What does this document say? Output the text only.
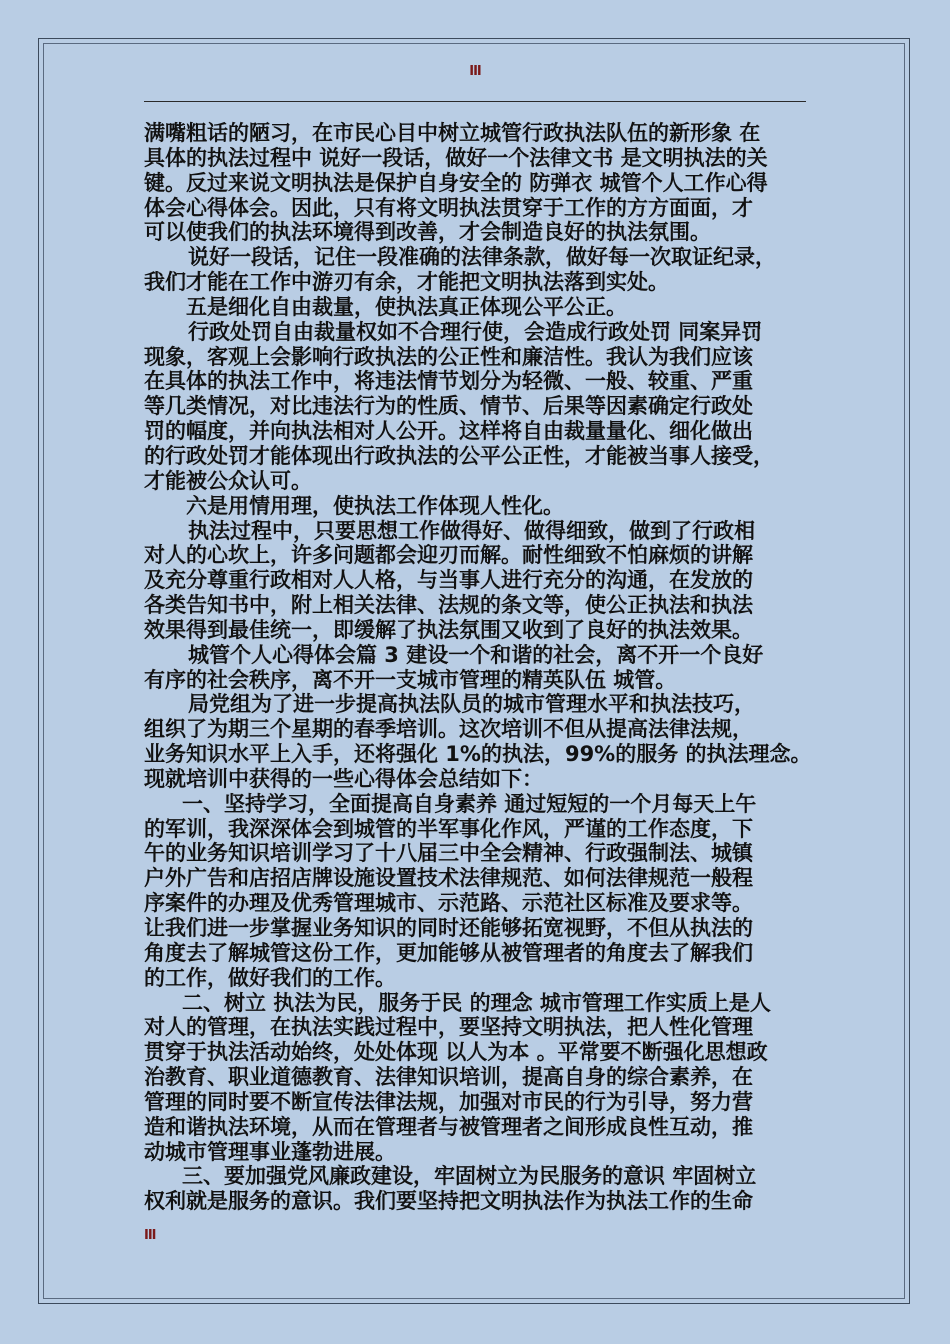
III
满嘴粗话的陋习，在市民心目中树立城管行政执法队伍的新形象 在
具体的执法过程中 说好一段话，做好一个法律文书 是文明执法的关
键。反过来说文明执法是保护自身安全的 防弹衣 城管个人工作心得
体会心得体会。因此，只有将文明执法贯穿于工作的方方面面，才
可以使我们的执法环境得到改善，才会制造良好的执法氛围。
说好一段话，记住一段准确的法律条款，做好每一次取证纪录，
我们才能在工作中游刃有余，才能把文明执法落到实处。
五是细化自由裁量，使执法真正体现公平公正。
行政处罚自由裁量权如不合理行使，会造成行政处罚 同案异罚
现象，客观上会影响行政执法的公正性和廉洁性。我认为我们应该
在具体的执法工作中，将违法情节划分为轻微、一般、较重、严重
等几类情况，对比违法行为的性质、情节、后果等因素确定行政处
罚的幅度，并向执法相对人公开。这样将自由裁量量化、细化做出
的行政处罚才能体现出行政执法的公平公正性，才能被当事人接受，
才能被公众认可。
六是用情用理，使执法工作体现人性化。
执法过程中，只要思想工作做得好、做得细致，做到了行政相
对人的心坎上，许多问题都会迎刃而解。耐性细致不怕麻烦的讲解
及充分尊重行政相对人人格，与当事人进行充分的沟通，在发放的
各类告知书中，附上相关法律、法规的条文等，使公正执法和执法
效果得到最佳统一，即缓解了执法氛围又收到了良好的执法效果。
城管个人心得体会篇 3 建设一个和谐的社会，离不开一个良好
有序的社会秩序，离不开一支城市管理的精英队伍 城管。
局党组为了进一步提高执法队员的城市管理水平和执法技巧，
组织了为期三个星期的春季培训。这次培训不但从提高法律法规，
业务知识水平上入手，还将强化 1%的执法，99%的服务 的执法理念。
现就培训中获得的一些心得体会总结如下：
一、坚持学习，全面提高自身素养 通过短短的一个月每天上午
的军训，我深深体会到城管的半军事化作风，严谨的工作态度，下
午的业务知识培训学习了十八届三中全会精神、行政强制法、城镇
户外广告和店招店牌设施设置技术法律规范、如何法律规范一般程
序案件的办理及优秀管理城市、示范路、示范社区标准及要求等。
让我们进一步掌握业务知识的同时还能够拓宽视野，不但从执法的
角度去了解城管这份工作，更加能够从被管理者的角度去了解我们
的工作，做好我们的工作。
二、树立 执法为民，服务于民 的理念 城市管理工作实质上是人
对人的管理，在执法实践过程中，要坚持文明执法，把人性化管理
贯穿于执法活动始终，处处体现 以人为本 。平常要不断强化思想政
治教育、职业道德教育、法律知识培训，提高自身的综合素养，在
管理的同时要不断宣传法律法规，加强对市民的行为引导，努力营
造和谐执法环境，从而在管理者与被管理者之间形成良性互动，推
动城市管理事业蓬勃进展。
三、要加强党风廉政建设，牢固树立为民服务的意识 牢固树立
权利就是服务的意识。我们要坚持把文明执法作为执法工作的生命
III
